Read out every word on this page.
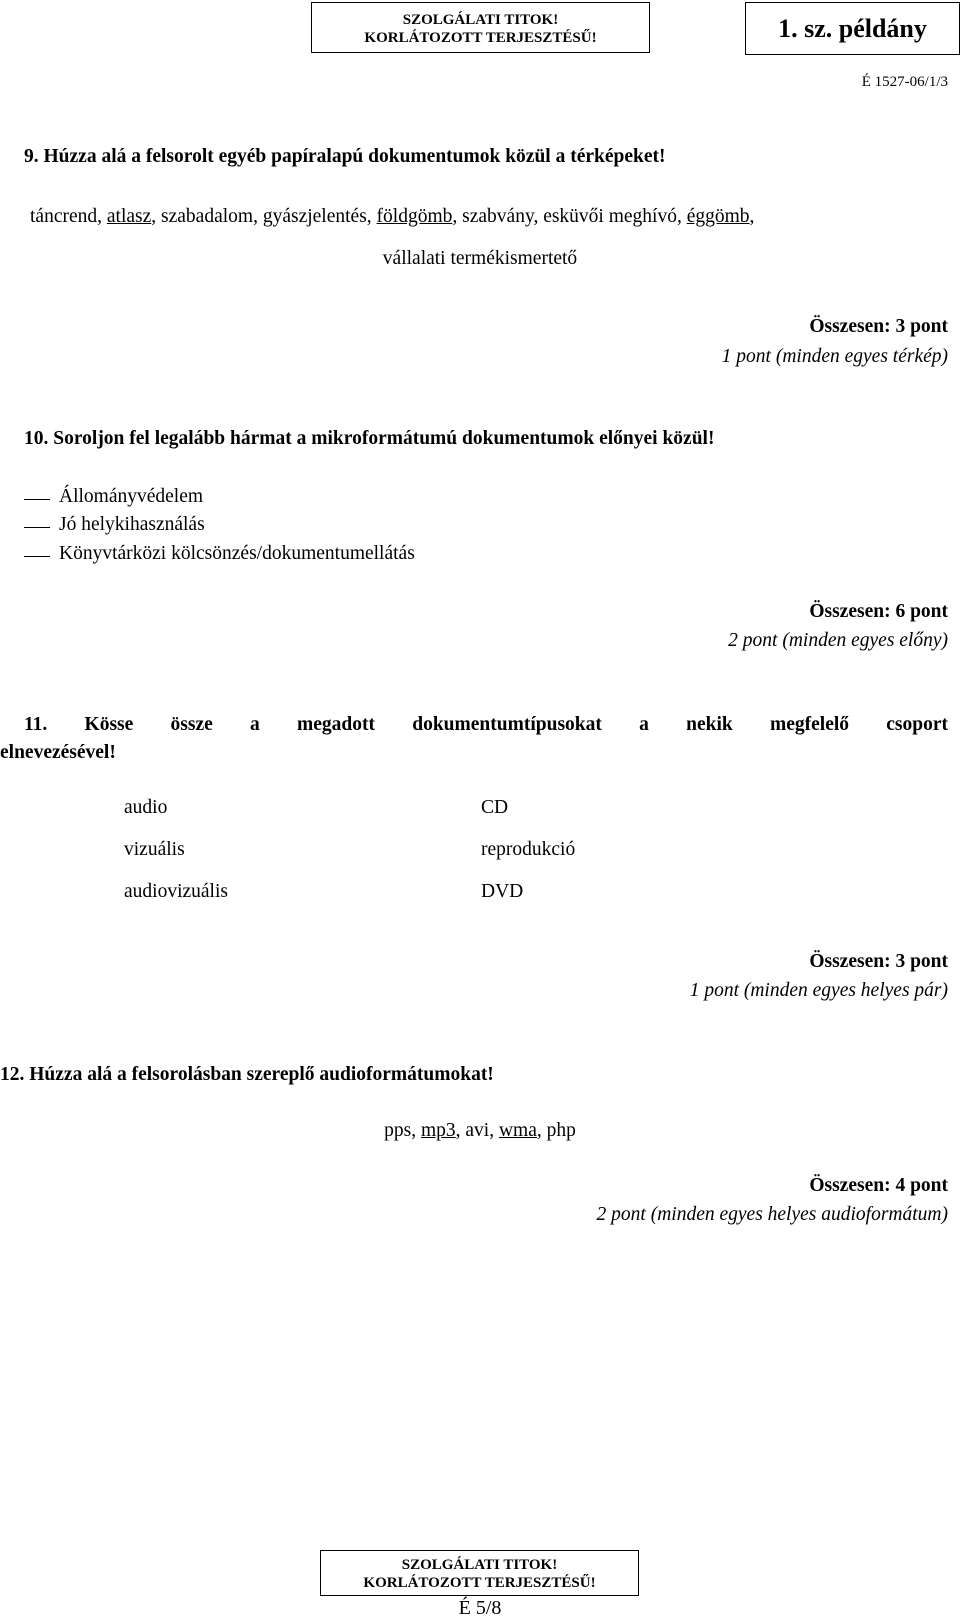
SZOLGÁLATI TITOK!
KORLÁTOZOTT TERJESZTÉSŰ!	1. sz. példány
É 1527-06/1/3
9. Húzza alá a felsorolt egyéb papíralapú dokumentumok közül a térképeket!
táncrend, atlasz, szabadalom, gyászjelentés, földgömb, szabvány, esküvői meghívó, éggömb,
vállalati termékismertető
Összesen: 3 pont
1 pont (minden egyes térkép)
10. Soroljon fel legalább hármat a mikroformátumú dokumentumok előnyei közül!
Állományvédelem
Jó helykihasználás
Könyvtárközi kölcsönzés/dokumentumellátás
Összesen: 6 pont
2 pont (minden egyes előny)
11. Kösse össze a megadott dokumentumtípusokat a nekik megfelelő csoport
elnevezésével!
audio
vizuális
audiovizuális
CD
reprodukció
DVD
Összesen: 3 pont
1 pont (minden egyes helyes pár)
12. Húzza alá a felsorolásban szereplő audioformátumokat!
pps, mp3, avi, wma, php
Összesen: 4 pont
2 pont (minden egyes helyes audioformátum)
SZOLGÁLATI TITOK!
KORLÁTOZOTT TERJESZTÉSŰ!
É 5/8
